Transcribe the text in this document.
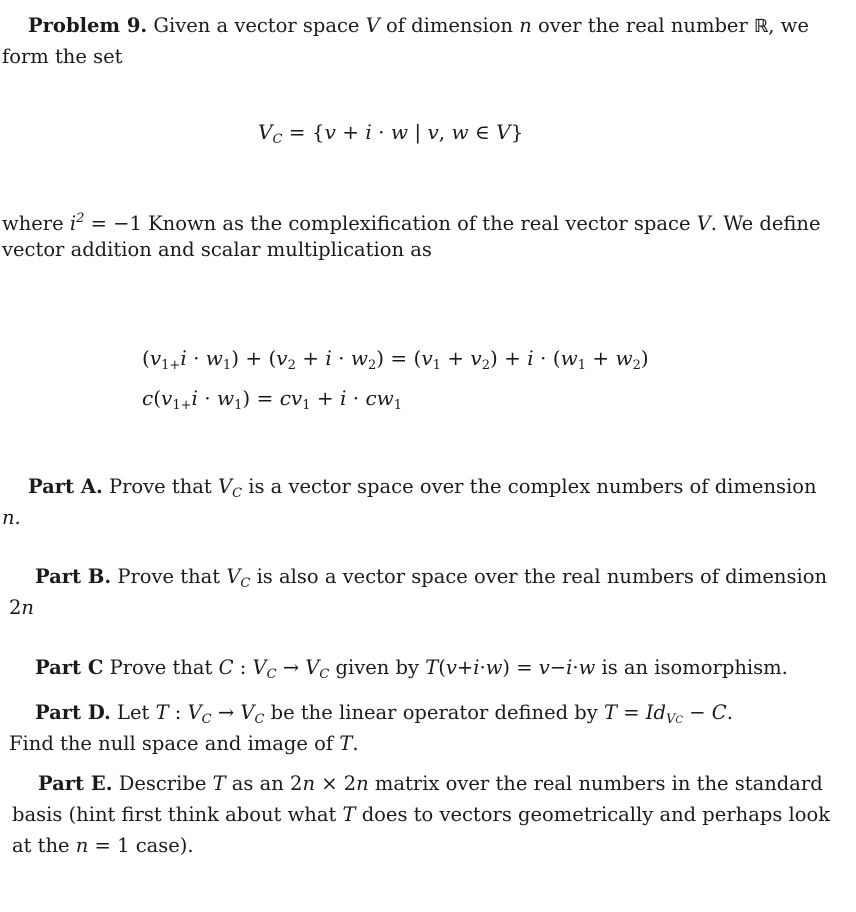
Problem 9. Given a vector space V of dimension n over the real number ℝ, we
form the set
$V_C = \{v + i \cdot w$ | v, w ∈ V}
where $i^2 = -1$ Known as the complexification of the real vector space V. We define
vector addition and scalar multiplication as
$(v_{1+}i \cdot w_1) + (v_2 + i \cdot w_2) = (v_1 + v_2) + i \cdot (w_1 + w_2)$
$c(v_{1+}i \cdot w_1) = cv_1 + i \cdot cw_1$
Part A. Prove that $V_C$ is a vector space over the complex numbers of dimension
n.
Part B. Prove that $V_C$ is also a vector space over the real numbers of dimension
2n
Part C Prove that C : $V_C \to V_C$ given by T(v+i·w) = v−i·w is an isomorphism.
Part D. Let T : $V_C \to V_C$ be the linear operator defined by $T = Id_{VC} - C$.
Find the null space and image of T.
Part E. Describe T as an 2n × 2n matrix over the real numbers in the standard
basis (hint first think about what T does to vectors geometrically and perhaps look
at the n = 1 case).
